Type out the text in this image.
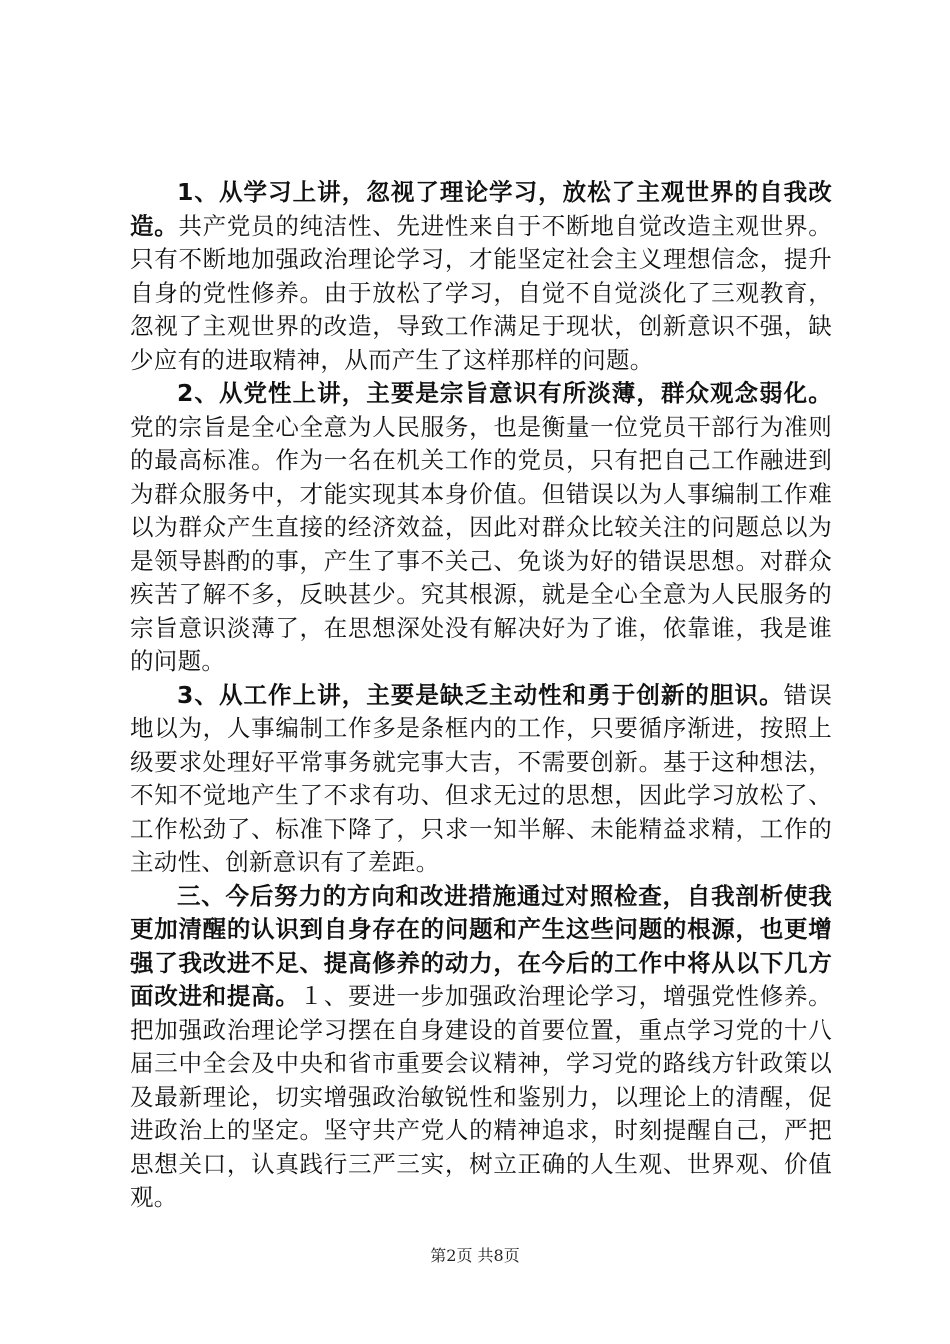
1、从学习上讲，忽视了理论学习，放松了主观世界的自我改造。共产党员的纯洁性、先进性来自于不断地自觉改造主观世界。只有不断地加强政治理论学习，才能坚定社会主义理想信念，提升自身的党性修养。由于放松了学习，自觉不自觉淡化了三观教育，忽视了主观世界的改造，导致工作满足于现状，创新意识不强，缺少应有的进取精神，从而产生了这样那样的问题。

2、从党性上讲，主要是宗旨意识有所淡薄，群众观念弱化。党的宗旨是全心全意为人民服务，也是衡量一位党员干部行为准则的最高标准。作为一名在机关工作的党员，只有把自己工作融进到为群众服务中，才能实现其本身价值。但错误以为人事编制工作难以为群众产生直接的经济效益，因此对群众比较关注的问题总以为是领导斟酌的事，产生了事不关己、免谈为好的错误思想。对群众疾苦了解不多，反映甚少。究其根源，就是全心全意为人民服务的宗旨意识淡薄了，在思想深处没有解决好为了谁，依靠谁，我是谁的问题。

3、从工作上讲，主要是缺乏主动性和勇于创新的胆识。错误地以为，人事编制工作多是条框内的工作，只要循序渐进，按照上级要求处理好平常事务就完事大吉，不需要创新。基于这种想法，不知不觉地产生了不求有功、但求无过的思想，因此学习放松了、工作松劲了、标准下降了，只求一知半解、未能精益求精，工作的主动性、创新意识有了差距。

三、今后努力的方向和改进措施通过对照检查，自我剖析使我更加清醒的认识到自身存在的问题和产生这些问题的根源，也更增强了我改进不足、提高修养的动力，在今后的工作中将从以下几方面改进和提高。１、要进一步加强政治理论学习，增强党性修养。把加强政治理论学习摆在自身建设的首要位置，重点学习党的十八届三中全会及中央和省市重要会议精神，学习党的路线方针政策以及最新理论，切实增强政治敏锐性和鉴别力，以理论上的清醒，促进政治上的坚定。坚守共产党人的精神追求，时刻提醒自己，严把思想关口，认真践行三严三实，树立正确的人生观、世界观、价值观。

第2页 共8页
